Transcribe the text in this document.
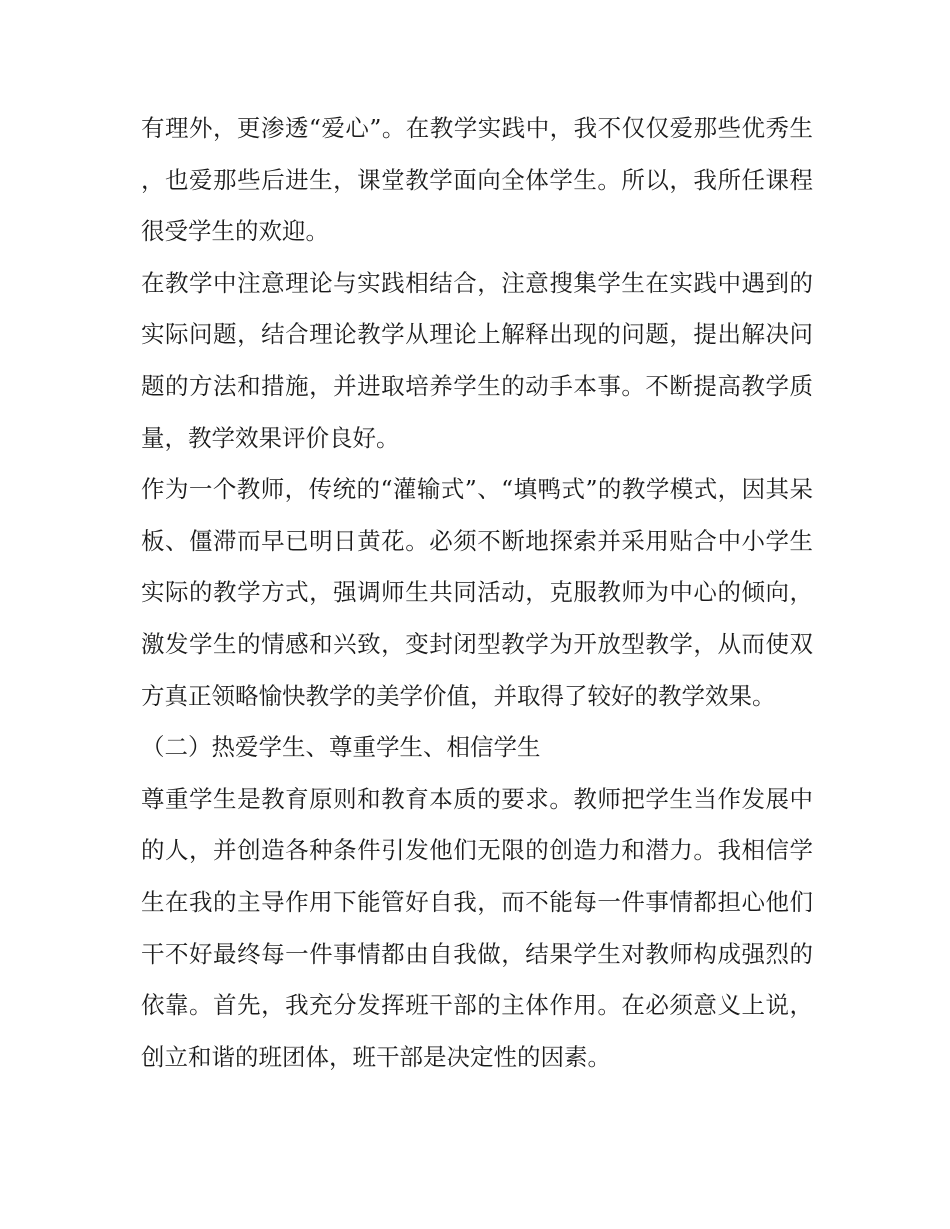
有理外，更渗透“爱心”。在教学实践中，我不仅仅爱那些优秀生，也爱那些后进生，课堂教学面向全体学生。所以，我所任课程很受学生的欢迎。

在教学中注意理论与实践相结合，注意搜集学生在实践中遇到的实际问题，结合理论教学从理论上解释出现的问题，提出解决问题的方法和措施，并进取培养学生的动手本事。不断提高教学质量，教学效果评价良好。

作为一个教师，传统的“灌输式”、“填鸭式”的教学模式，因其呆板、僵滞而早已明日黄花。必须不断地探索并采用贴合中小学生实际的教学方式，强调师生共同活动，克服教师为中心的倾向，激发学生的情感和兴致，变封闭型教学为开放型教学，从而使双方真正领略愉快教学的美学价值，并取得了较好的教学效果。

（二）热爱学生、尊重学生、相信学生

尊重学生是教育原则和教育本质的要求。教师把学生当作发展中的人，并创造各种条件引发他们无限的创造力和潜力。我相信学生在我的主导作用下能管好自我，而不能每一件事情都担心他们干不好最终每一件事情都由自我做，结果学生对教师构成强烈的依靠。首先，我充分发挥班干部的主体作用。在必须意义上说，创立和谐的班团体，班干部是决定性的因素。
